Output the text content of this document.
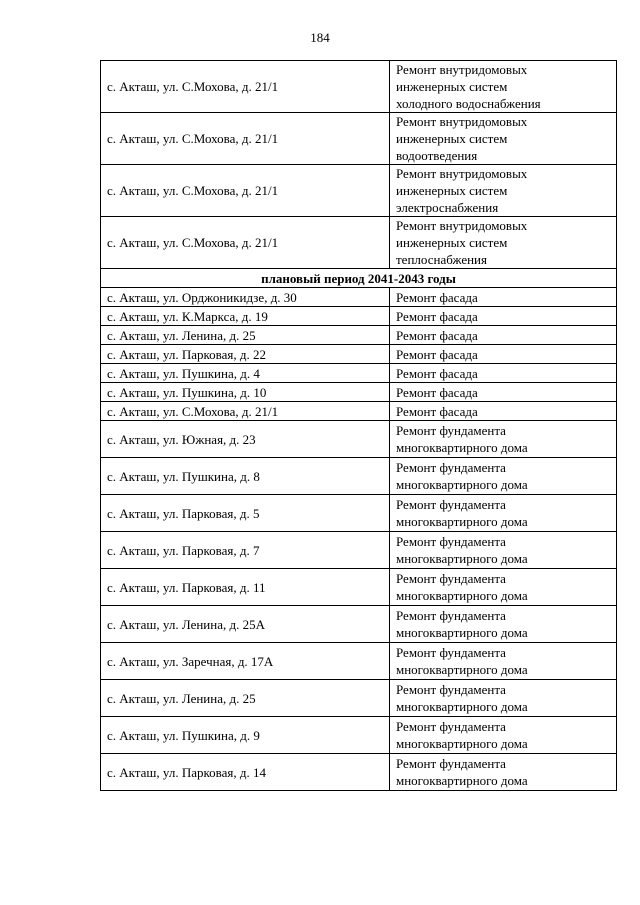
184
с. Акташ, ул. С.Мохова, д. 21/1	Ремонт внутридомовых
инженерных систем
холодного водоснабжения

с. Акташ, ул. С.Мохова, д. 21/1	Ремонт внутридомовых
инженерных систем
водоотведения

с. Акташ, ул. С.Мохова, д. 21/1	Ремонт внутридомовых
инженерных систем
электроснабжения

с. Акташ, ул. С.Мохова, д. 21/1	Ремонт внутридомовых
инженерных систем
теплоснабжения

плановый период 2041-2043 годы	
с. Акташ, ул. Орджоникидзе, д. 30	Ремонт фасада
с. Акташ, ул. К.Маркса, д. 19	Ремонт фасада
с. Акташ, ул. Ленина, д. 25	Ремонт фасада
с. Акташ, ул. Парковая, д. 22	Ремонт фасада
с. Акташ, ул. Пушкина, д. 4	Ремонт фасада
с. Акташ, ул. Пушкина, д. 10	Ремонт фасада
с. Акташ, ул. С.Мохова, д. 21/1	Ремонт фасада
с. Акташ, ул. Южная, д. 23	Ремонт фундамента
многоквартирного дома

с. Акташ, ул. Пушкина, д. 8	Ремонт фундамента
многоквартирного дома

с. Акташ, ул. Парковая, д. 5	Ремонт фундамента
многоквартирного дома

с. Акташ, ул. Парковая, д. 7	Ремонт фундамента
многоквартирного дома

с. Акташ, ул. Парковая, д. 11	Ремонт фундамента
многоквартирного дома

с. Акташ, ул. Ленина, д. 25А	Ремонт фундамента
многоквартирного дома

с. Акташ, ул. Заречная, д. 17А	Ремонт фундамента
многоквартирного дома

с. Акташ, ул. Ленина, д. 25	Ремонт фундамента
многоквартирного дома

с. Акташ, ул. Пушкина, д. 9	Ремонт фундамента
многоквартирного дома

с. Акташ, ул. Парковая, д. 14	Ремонт фундамента
многоквартирного дома
